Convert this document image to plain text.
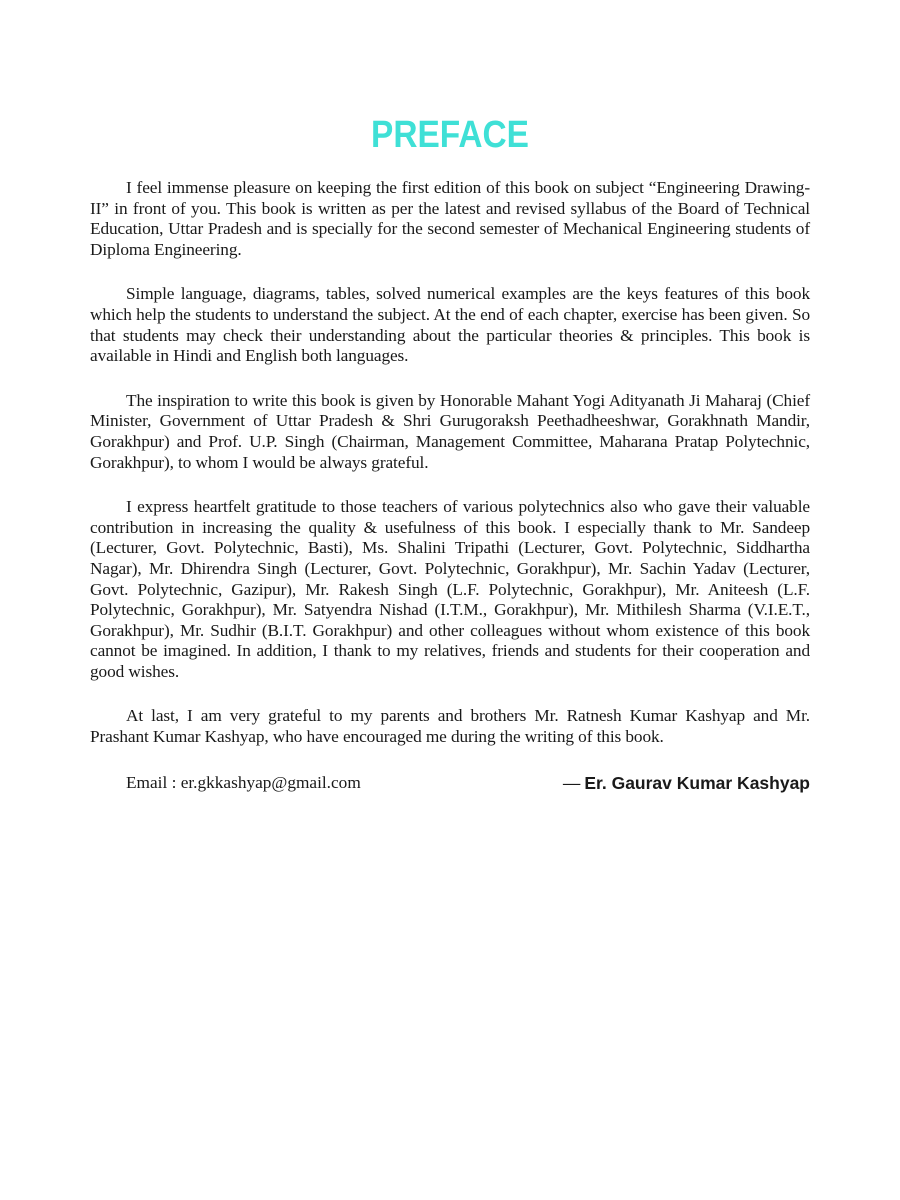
PREFACE

I feel immense pleasure on keeping the first edition of this book on subject “Engineering Drawing-II” in front of you. This book is written as per the latest and revised syllabus of the Board of Technical Education, Uttar Pradesh and is specially for the second semester of Mechanical Engineering students of Diploma Engineering.

Simple language, diagrams, tables, solved numerical examples are the keys features of this book which help the students to understand the subject. At the end of each chapter, exercise has been given. So that students may check their understanding about the particular theories & principles. This book is available in Hindi and English both languages.

The inspiration to write this book is given by Honorable Mahant Yogi Adityanath Ji Maharaj (Chief Minister, Government of Uttar Pradesh & Shri Gurugoraksh Peethadheeshwar, Gorakhnath Mandir, Gorakhpur) and Prof. U.P. Singh (Chairman, Management Committee, Maharana Pratap Polytechnic, Gorakhpur), to whom I would be always grateful.

I express heartfelt gratitude to those teachers of various polytechnics also who gave their valuable contribution in increasing the quality & usefulness of this book. I especially thank to Mr. Sandeep (Lecturer, Govt. Polytechnic, Basti), Ms. Shalini Tripathi (Lecturer, Govt. Polytechnic, Siddhartha Nagar), Mr. Dhirendra Singh (Lecturer, Govt. Polytechnic, Gorakhpur), Mr. Sachin Yadav (Lecturer, Govt. Polytechnic, Gazipur), Mr. Rakesh Singh (L.F. Polytechnic, Gorakhpur), Mr. Aniteesh (L.F. Polytechnic, Gorakhpur), Mr. Satyendra Nishad (I.T.M., Gorakhpur), Mr. Mithilesh Sharma (V.I.E.T., Gorakhpur), Mr. Sudhir (B.I.T. Gorakhpur) and other colleagues without whom existence of this book cannot be imagined. In addition, I thank to my relatives, friends and students for their cooperation and good wishes.

At last, I am very grateful to my parents and brothers Mr. Ratnesh Kumar Kashyap and Mr. Prashant Kumar Kashyap, who have encouraged me during the writing of this book.

Email : er.gkkashyap@gmail.com	— Er. Gaurav Kumar Kashyap
